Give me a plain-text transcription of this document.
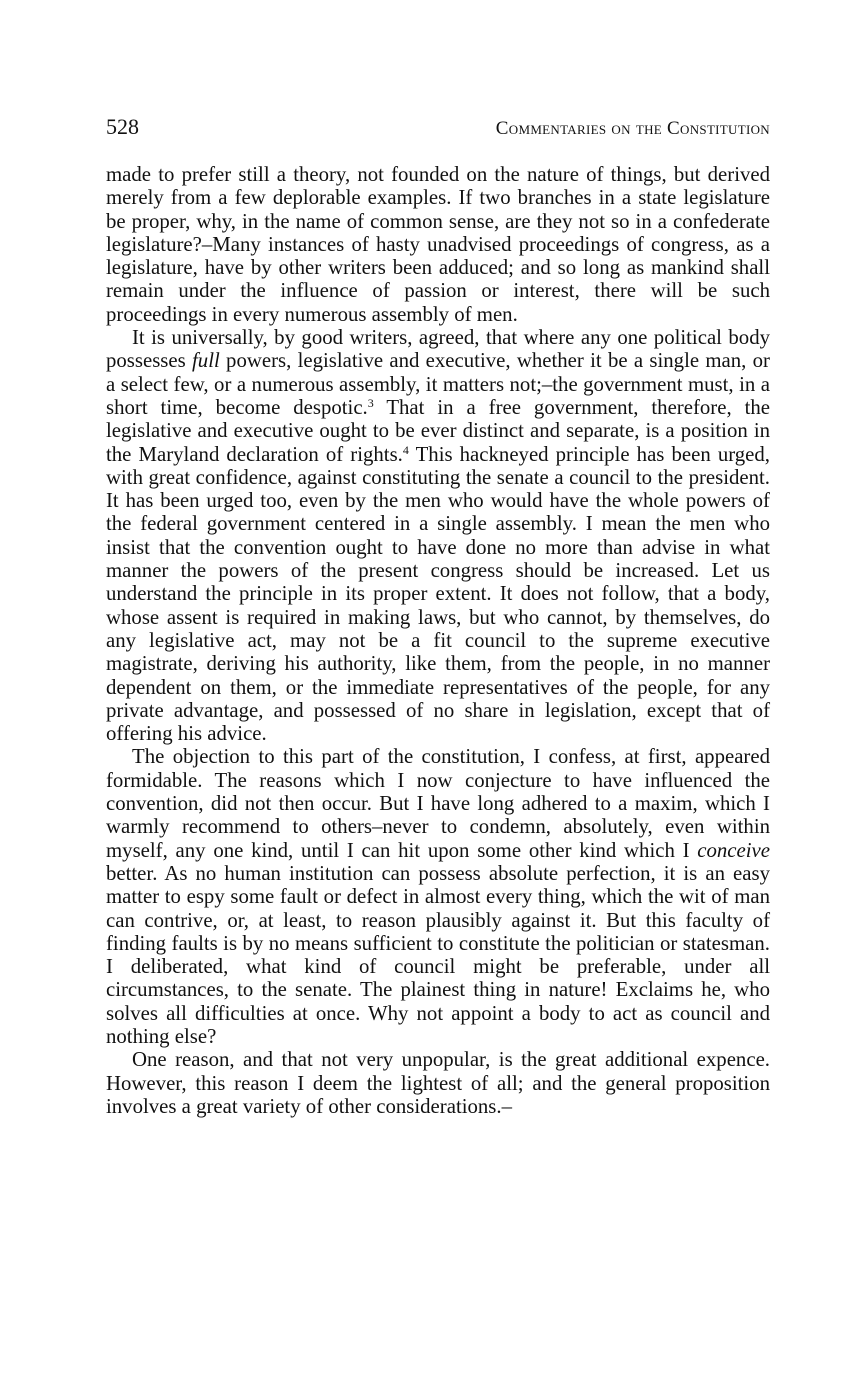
528	Commentaries on the Constitution

made to prefer still a theory, not founded on the nature of things, but derived merely from a few deplorable examples. If two branches in a state legislature be proper, why, in the name of common sense, are they not so in a confederate legislature?–Many instances of hasty unadvised proceedings of congress, as a legislature, have by other writers been adduced; and so long as mankind shall remain under the influence of passion or interest, there will be such proceedings in every numerous assembly of men.

It is universally, by good writers, agreed, that where any one political body possesses full powers, legislative and executive, whether it be a single man, or a select few, or a numerous assembly, it matters not;–the government must, in a short time, become despotic.$^3$ That in a free government, therefore, the legislative and executive ought to be ever distinct and separate, is a position in the Maryland declaration of rights.$^4$ This hackneyed principle has been urged, with great confidence, against constituting the senate a council to the president. It has been urged too, even by the men who would have the whole powers of the federal government centered in a single assembly. I mean the men who insist that the convention ought to have done no more than advise in what manner the powers of the present congress should be increased. Let us understand the principle in its proper extent. It does not follow, that a body, whose assent is required in making laws, but who cannot, by themselves, do any legislative act, may not be a fit council to the supreme executive magistrate, deriving his authority, like them, from the people, in no manner dependent on them, or the immediate representatives of the people, for any private advantage, and possessed of no share in legislation, except that of offering his advice.

The objection to this part of the constitution, I confess, at first, appeared formidable. The reasons which I now conjecture to have influenced the convention, did not then occur. But I have long adhered to a maxim, which I warmly recommend to others–never to condemn, absolutely, even within myself, any one kind, until I can hit upon some other kind which I conceive better. As no human institution can possess absolute perfection, it is an easy matter to espy some fault or defect in almost every thing, which the wit of man can contrive, or, at least, to reason plausibly against it. But this faculty of finding faults is by no means sufficient to constitute the politician or statesman. I deliberated, what kind of council might be preferable, under all circumstances, to the senate. The plainest thing in nature! Exclaims he, who solves all difficulties at once. Why not appoint a body to act as council and nothing else?

One reason, and that not very unpopular, is the great additional expence. However, this reason I deem the lightest of all; and the general proposition involves a great variety of other considerations.–
